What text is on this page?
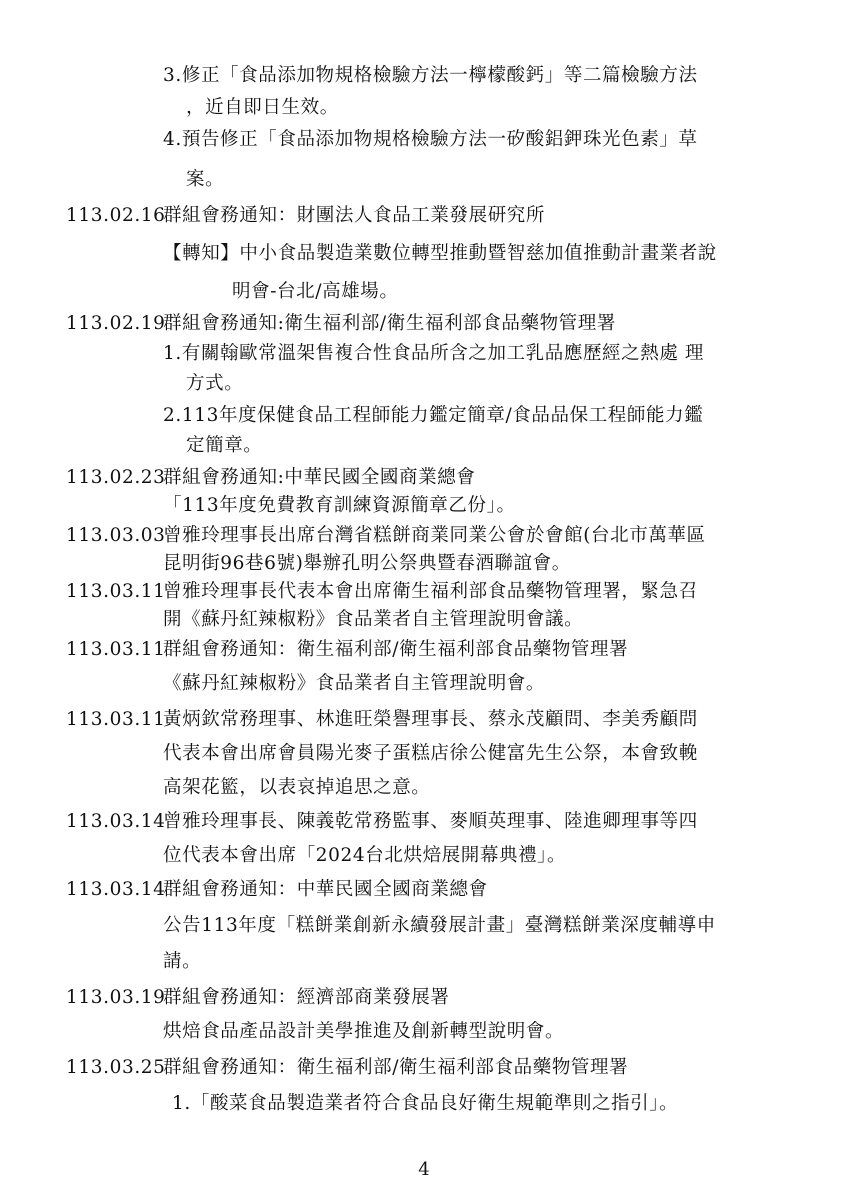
3.修正「食品添加物規格檢驗方法一檸檬酸鈣」等二篇檢驗方法
，近自即日生效。
4.預告修正「食品添加物規格檢驗方法一矽酸鋁鉀珠光色素」草
案。
113.02.16
群組會務通知：財團法人食品工業發展研究所
【轉知】中小食品製造業數位轉型推動暨智慈加值推動計畫業者說
明會-台北/高雄場。
113.02.19
群組會務通知:衛生福利部/衛生福利部食品藥物管理署
1.有關翰歐常溫架售複合性食品所含之加工乳品應歷經之熱處 理
方式。
2.113年度保健食品工程師能力鑑定簡章/食品品保工程師能力鑑
定簡章。
113.02.23
群組會務通知:中華民國全國商業總會
「113年度免費教育訓練資源簡章乙份」。
113.03.03
曾雅玲理事長出席台灣省糕餅商業同業公會於會館(台北市萬華區
昆明街96巷6號)舉辦孔明公祭典暨春酒聯誼會。
113.03.11
曾雅玲理事長代表本會出席衛生福利部食品藥物管理署，緊急召
開《蘇丹紅辣椒粉》食品業者自主管理說明會議。
113.03.11
群組會務通知：衛生福利部/衛生福利部食品藥物管理署
《蘇丹紅辣椒粉》食品業者自主管理說明會。
113.03.11
黃炳欽常務理事、林進旺榮譽理事長、蔡永茂顧問、李美秀顧問
代表本會出席會員陽光麥子蛋糕店徐公健富先生公祭，本會致輓
高架花籃，以表哀掉追思之意。
113.03.14
曾雅玲理事長、陳義乾常務監事、麥順英理事、陸進卿理事等四
位代表本會出席「2024台北烘焙展開幕典禮」。
113.03.14
群組會務通知：中華民國全國商業總會
公告113年度「糕餅業創新永續發展計畫」臺灣糕餅業深度輔導申
請。
113.03.19
群組會務通知：經濟部商業發展署
烘焙食品產品設計美學推進及創新轉型說明會。
113.03.25
群組會務通知：衛生福利部/衛生福利部食品藥物管理署
1.「酸菜食品製造業者符合食品良好衛生規範準則之指引」。
4
